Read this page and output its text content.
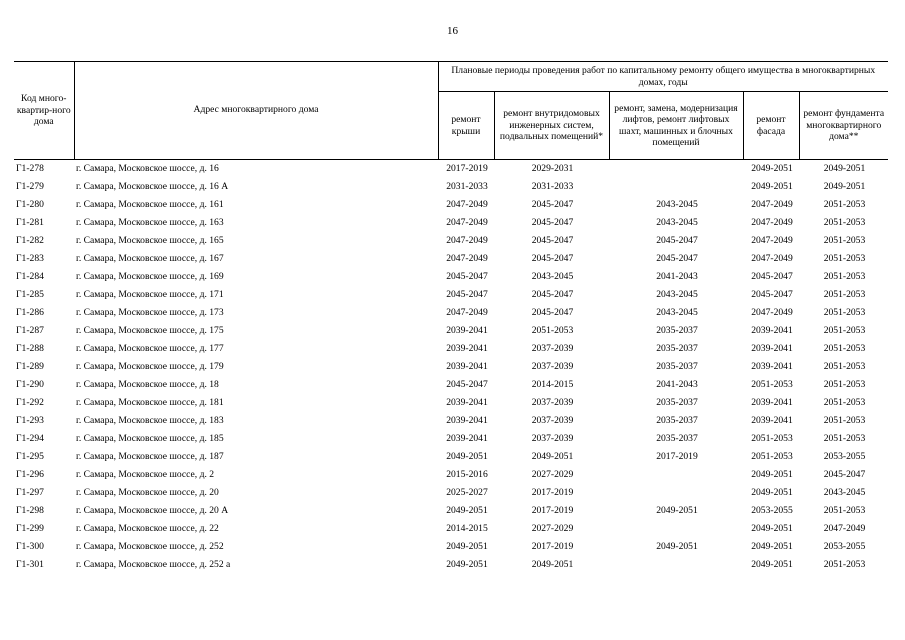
16
Код много-квартир-ного дома	Адрес многоквартирного дома	Плановые периоды проведения работ по капитальному ремонту общего имущества в многоквартирных домах, годы				
		ремонт крыши	ремонт внутридомовых инженерных систем, подвальных помещений*	ремонт, замена, модернизация лифтов, ремонт лифтовых шахт, машинных и блочных помещений	ремонт фасада	ремонт фундамента многоквартирного дома**
Г1-278	г. Самара, Московское шоссе, д. 16	2017-2019	2029-2031		2049-2051	2049-2051
Г1-279	г. Самара, Московское шоссе, д. 16 А	2031-2033	2031-2033		2049-2051	2049-2051
Г1-280	г. Самара, Московское шоссе, д. 161	2047-2049	2045-2047	2043-2045	2047-2049	2051-2053
Г1-281	г. Самара, Московское шоссе, д. 163	2047-2049	2045-2047	2043-2045	2047-2049	2051-2053
Г1-282	г. Самара, Московское шоссе, д. 165	2047-2049	2045-2047	2045-2047	2047-2049	2051-2053
Г1-283	г. Самара, Московское шоссе, д. 167	2047-2049	2045-2047	2045-2047	2047-2049	2051-2053
Г1-284	г. Самара, Московское шоссе, д. 169	2045-2047	2043-2045	2041-2043	2045-2047	2051-2053
Г1-285	г. Самара, Московское шоссе, д. 171	2045-2047	2045-2047	2043-2045	2045-2047	2051-2053
Г1-286	г. Самара, Московское шоссе, д. 173	2047-2049	2045-2047	2043-2045	2047-2049	2051-2053
Г1-287	г. Самара, Московское шоссе, д. 175	2039-2041	2051-2053	2035-2037	2039-2041	2051-2053
Г1-288	г. Самара, Московское шоссе, д. 177	2039-2041	2037-2039	2035-2037	2039-2041	2051-2053
Г1-289	г. Самара, Московское шоссе, д. 179	2039-2041	2037-2039	2035-2037	2039-2041	2051-2053
Г1-290	г. Самара, Московское шоссе, д. 18	2045-2047	2014-2015	2041-2043	2051-2053	2051-2053
Г1-292	г. Самара, Московское шоссе, д. 181	2039-2041	2037-2039	2035-2037	2039-2041	2051-2053
Г1-293	г. Самара, Московское шоссе, д. 183	2039-2041	2037-2039	2035-2037	2039-2041	2051-2053
Г1-294	г. Самара, Московское шоссе, д. 185	2039-2041	2037-2039	2035-2037	2051-2053	2051-2053
Г1-295	г. Самара, Московское шоссе, д. 187	2049-2051	2049-2051	2017-2019	2051-2053	2053-2055
Г1-296	г. Самара, Московское шоссе, д. 2	2015-2016	2027-2029		2049-2051	2045-2047
Г1-297	г. Самара, Московское шоссе, д. 20	2025-2027	2017-2019		2049-2051	2043-2045
Г1-298	г. Самара, Московское шоссе, д. 20 А	2049-2051	2017-2019	2049-2051	2053-2055	2051-2053
Г1-299	г. Самара, Московское шоссе, д. 22	2014-2015	2027-2029		2049-2051	2047-2049
Г1-300	г. Самара, Московское шоссе, д. 252	2049-2051	2017-2019	2049-2051	2049-2051	2053-2055
Г1-301	г. Самара, Московское шоссе, д. 252 а	2049-2051	2049-2051		2049-2051	2051-2053
